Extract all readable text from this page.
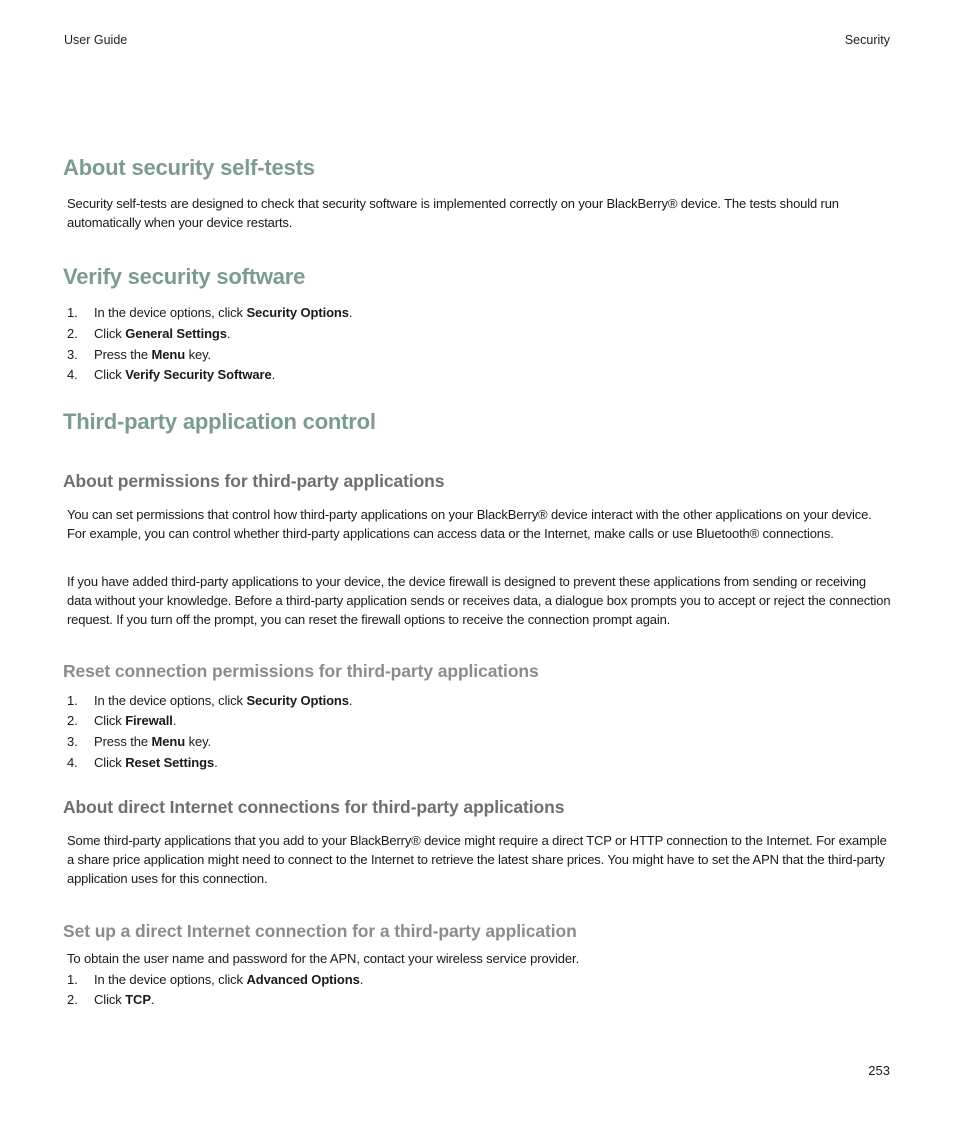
User Guide	Security
About security self-tests
Security self-tests are designed to check that security software is implemented correctly on your BlackBerry® device. The tests should run automatically when your device restarts.
Verify security software
1. In the device options, click Security Options.
2. Click General Settings.
3. Press the Menu key.
4. Click Verify Security Software.
Third-party application control
About permissions for third-party applications
You can set permissions that control how third-party applications on your BlackBerry® device interact with the other applications on your device. For example, you can control whether third-party applications can access data or the Internet, make calls or use Bluetooth® connections.
If you have added third-party applications to your device, the device firewall is designed to prevent these applications from sending or receiving data without your knowledge. Before a third-party application sends or receives data, a dialogue box prompts you to accept or reject the connection request. If you turn off the prompt, you can reset the firewall options to receive the connection prompt again.
Reset connection permissions for third-party applications
1. In the device options, click Security Options.
2. Click Firewall.
3. Press the Menu key.
4. Click Reset Settings.
About direct Internet connections for third-party applications
Some third-party applications that you add to your BlackBerry® device might require a direct TCP or HTTP connection to the Internet. For example a share price application might need to connect to the Internet to retrieve the latest share prices. You might have to set the APN that the third-party application uses for this connection.
Set up a direct Internet connection for a third-party application
To obtain the user name and password for the APN, contact your wireless service provider.
1. In the device options, click Advanced Options.
2. Click TCP.
253
